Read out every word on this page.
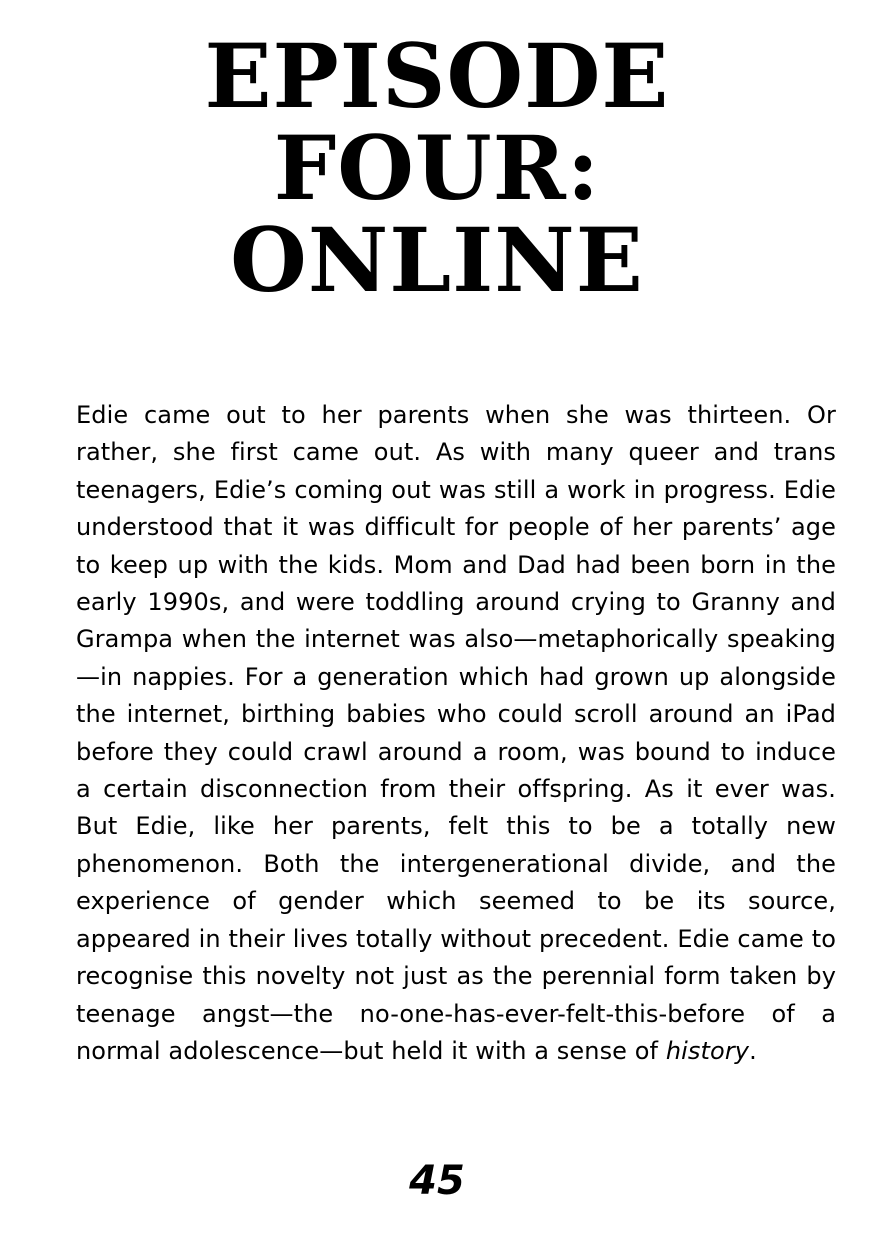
EPISODE
FOUR:
ONLINE

Edie came out to her parents when she was thirteen. Or rather, she first came out. As with many queer and trans teenagers, Edie’s coming out was still a work in progress. Edie understood that it was difficult for people of her parents’ age to keep up with the kids. Mom and Dad had been born in the early 1990s, and were toddling around crying to Granny and Grampa when the internet was also—metaphorically speaking—in nappies. For a generation which had grown up alongside the internet, birthing babies who could scroll around an iPad before they could crawl around a room, was bound to induce a certain disconnection from their offspring. As it ever was. But Edie, like her parents, felt this to be a totally new phenomenon. Both the intergenerational divide, and the experience of gender which seemed to be its source, appeared in their lives totally without precedent. Edie came to recognise this novelty not just as the perennial form taken by teenage angst—the no-one-has-ever-felt-this-before of a normal adolescence—but held it with a sense of history.

45
